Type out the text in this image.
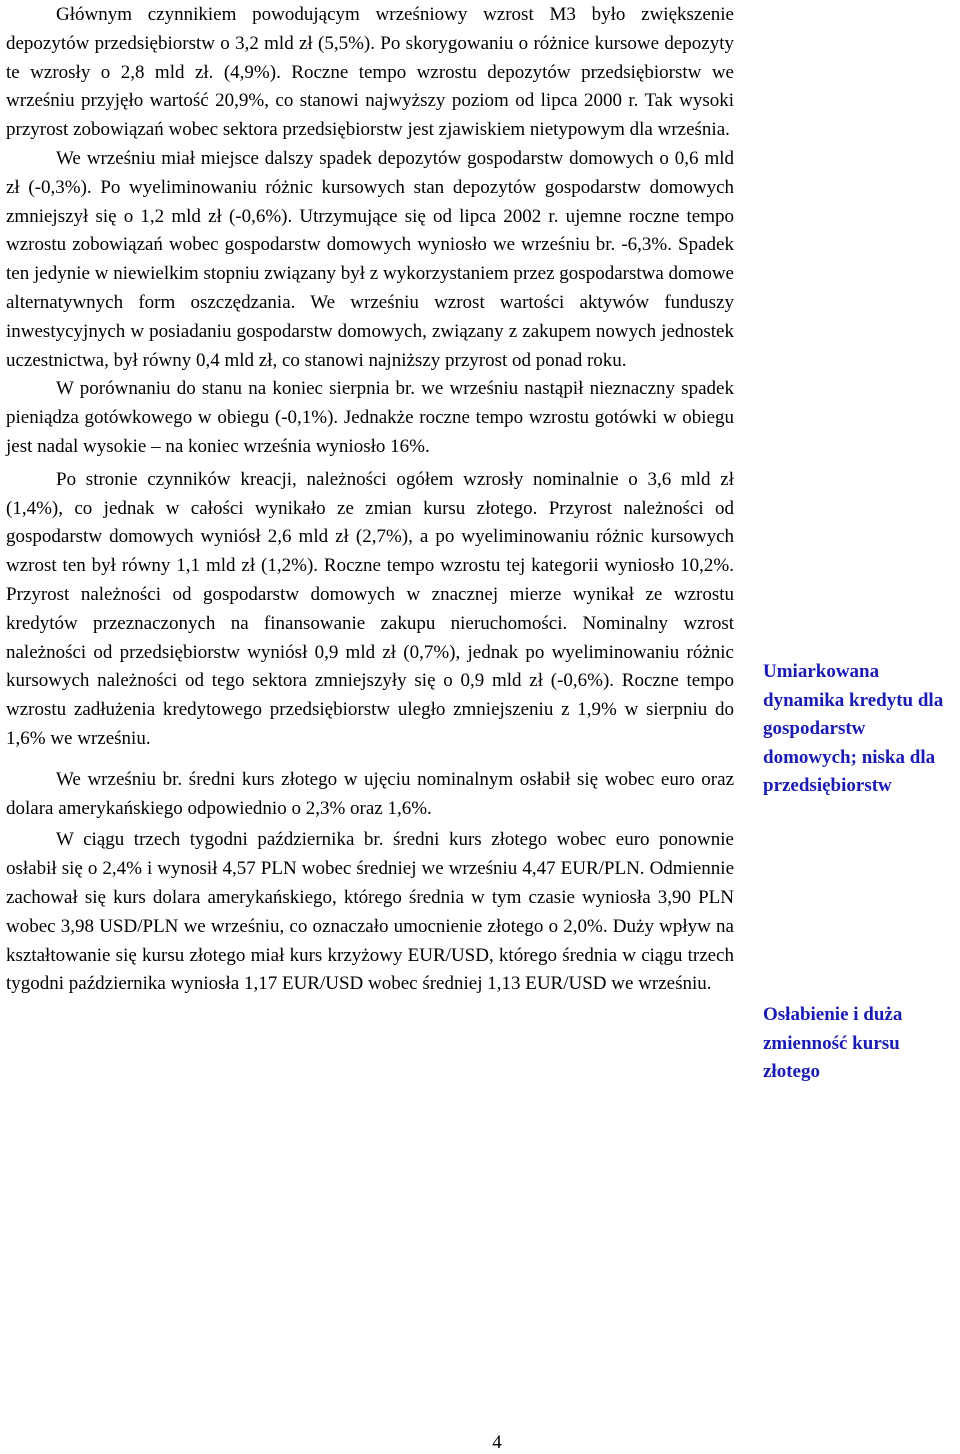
Głównym czynnikiem powodującym wrześniowy wzrost M3 było zwiększenie depozytów przedsiębiorstw o 3,2 mld zł (5,5%). Po skorygowaniu o różnice kursowe depozyty te wzrosły o 2,8 mld zł. (4,9%). Roczne tempo wzrostu depozytów przedsiębiorstw we wrześniu przyjęło wartość 20,9%, co stanowi najwyższy poziom od lipca 2000 r. Tak wysoki przyrost zobowiązań wobec sektora przedsiębiorstw jest zjawiskiem nietypowym dla września.

We wrześniu miał miejsce dalszy spadek depozytów gospodarstw domowych o 0,6 mld zł (-0,3%). Po wyeliminowaniu różnic kursowych stan depozytów gospodarstw domowych zmniejszył się o 1,2 mld zł (-0,6%). Utrzymujące się od lipca 2002 r. ujemne roczne tempo wzrostu zobowiązań wobec gospodarstw domowych wyniosło we wrześniu br. -6,3%. Spadek ten jedynie w niewielkim stopniu związany był z wykorzystaniem przez gospodarstwa domowe alternatywnych form oszczędzania. We wrześniu wzrost wartości aktywów funduszy inwestycyjnych w posiadaniu gospodarstw domowych, związany z zakupem nowych jednostek uczestnictwa, był równy 0,4 mld zł, co stanowi najniższy przyrost od ponad roku.

W porównaniu do stanu na koniec sierpnia br. we wrześniu nastąpił nieznaczny spadek pieniądza gotówkowego w obiegu (-0,1%). Jednakże roczne tempo wzrostu gotówki w obiegu jest nadal wysokie – na koniec września wyniosło 16%.

Po stronie czynników kreacji, należności ogółem wzrosły nominalnie o 3,6 mld zł (1,4%), co jednak w całości wynikało ze zmian kursu złotego. Przyrost należności od gospodarstw domowych wyniósł 2,6 mld zł (2,7%), a po wyeliminowaniu różnic kursowych wzrost ten był równy 1,1 mld zł (1,2%). Roczne tempo wzrostu tej kategorii wyniosło 10,2%. Przyrost należności od gospodarstw domowych w znacznej mierze wynikał ze wzrostu kredytów przeznaczonych na finansowanie zakupu nieruchomości. Nominalny wzrost należności od przedsiębiorstw wyniósł 0,9 mld zł (0,7%), jednak po wyeliminowaniu różnic kursowych należności od tego sektora zmniejszyły się o 0,9 mld zł (-0,6%). Roczne tempo wzrostu zadłużenia kredytowego przedsiębiorstw uległo zmniejszeniu z 1,9% w sierpniu do 1,6% we wrześniu.

We wrześniu br. średni kurs złotego w ujęciu nominalnym osłabił się wobec euro oraz dolara amerykańskiego odpowiednio o 2,3% oraz 1,6%.

W ciągu trzech tygodni października br. średni kurs złotego wobec euro ponownie osłabił się o 2,4% i wynosił 4,57 PLN wobec średniej we wrześniu 4,47 EUR/PLN. Odmiennie zachował się kurs dolara amerykańskiego, którego średnia w tym czasie wyniosła 3,90 PLN wobec 3,98 USD/PLN we wrześniu, co oznaczało umocnienie złotego o 2,0%. Duży wpływ na kształtowanie się kursu złotego miał kurs krzyżowy EUR/USD, którego średnia w ciągu trzech tygodni października wyniosła 1,17 EUR/USD wobec średniej 1,13 EUR/USD we wrześniu.

Umiarkowana dynamika kredytu dla gospodarstw domowych; niska dla przedsiębiorstw
Osłabienie i duża zmienność kursu złotego
4
